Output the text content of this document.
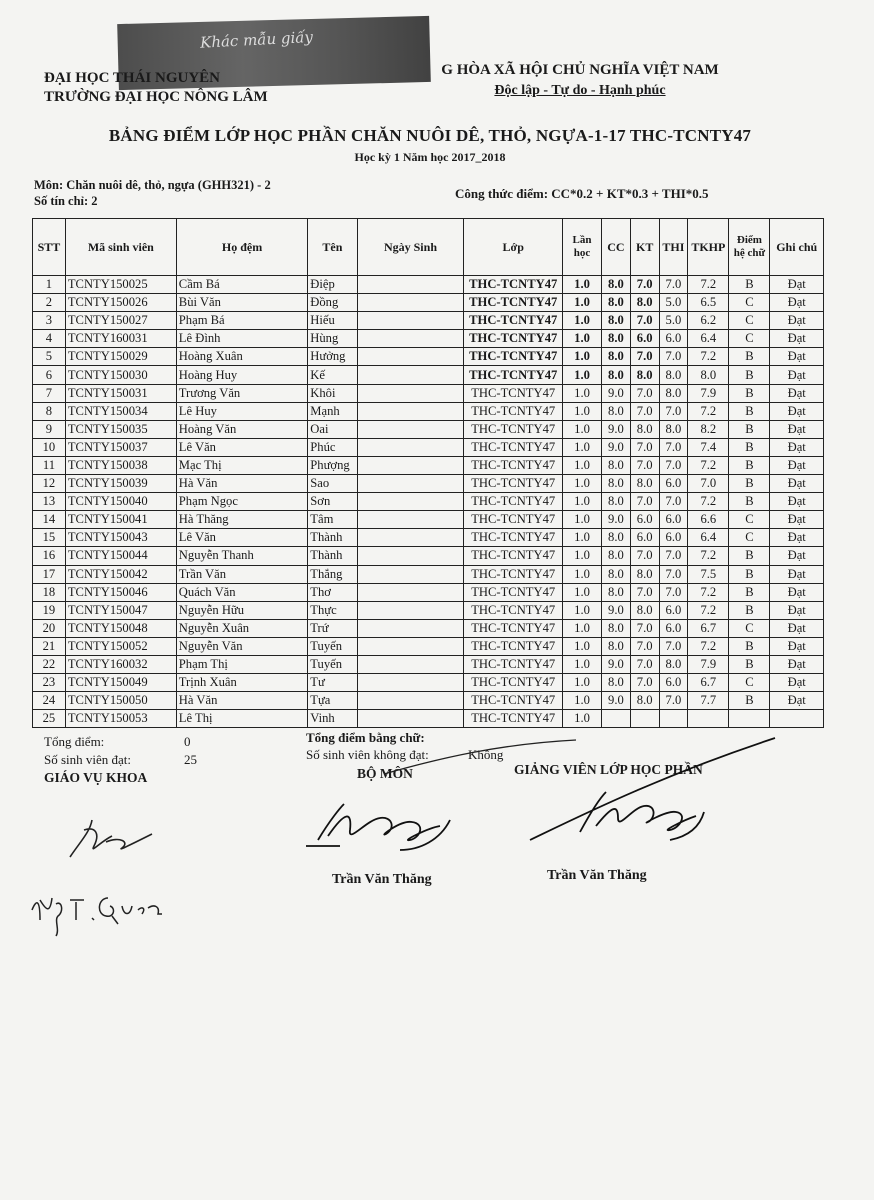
Khác mẫu giấy
ĐẠI HỌC THÁI NGUYÊN
TRƯỜNG ĐẠI HỌC NÔNG LÂM
G HÒA XÃ HỘI CHỦ NGHĨA VIỆT NAM
Độc lập - Tự do - Hạnh phúc
BẢNG ĐIỂM LỚP HỌC PHẦN CHĂN NUÔI DÊ, THỎ, NGỰA-1-17 THC-TCNTY47
Học kỳ 1 Năm học 2017_2018
Môn: Chăn nuôi dê, thỏ, ngựa (GHH321) - 2
Số tín chỉ: 2	Công thức điểm: CC*0.2 + KT*0.3 + THI*0.5
STT	Mã sinh viên	Họ đệm	Tên	Ngày Sinh	Lớp	Lần học	CC	KT	THI	TKHP	Điểm hệ chữ	Ghi chú
1	TCNTY150025	Cầm Bá	Điệp		THC-TCNTY47	1.0	8.0	7.0	7.0	7.2	B	Đạt
2	TCNTY150026	Bùi Văn	Đồng		THC-TCNTY47	1.0	8.0	8.0	5.0	6.5	C	Đạt
3	TCNTY150027	Phạm Bá	Hiếu		THC-TCNTY47	1.0	8.0	7.0	5.0	6.2	C	Đạt
4	TCNTY160031	Lê Đình	Hùng		THC-TCNTY47	1.0	8.0	6.0	6.0	6.4	C	Đạt
5	TCNTY150029	Hoàng Xuân	Hưởng		THC-TCNTY47	1.0	8.0	7.0	7.0	7.2	B	Đạt
6	TCNTY150030	Hoàng Huy	Kế		THC-TCNTY47	1.0	8.0	8.0	8.0	8.0	B	Đạt
7	TCNTY150031	Trương Văn	Khôi		THC-TCNTY47	1.0	9.0	7.0	8.0	7.9	B	Đạt
8	TCNTY150034	Lê Huy	Mạnh		THC-TCNTY47	1.0	8.0	7.0	7.0	7.2	B	Đạt
9	TCNTY150035	Hoàng Văn	Oai		THC-TCNTY47	1.0	9.0	8.0	8.0	8.2	B	Đạt
10	TCNTY150037	Lê Văn	Phúc		THC-TCNTY47	1.0	9.0	7.0	7.0	7.4	B	Đạt
11	TCNTY150038	Mạc Thị	Phượng		THC-TCNTY47	1.0	8.0	7.0	7.0	7.2	B	Đạt
12	TCNTY150039	Hà Văn	Sao		THC-TCNTY47	1.0	8.0	8.0	6.0	7.0	B	Đạt
13	TCNTY150040	Phạm Ngọc	Sơn		THC-TCNTY47	1.0	8.0	7.0	7.0	7.2	B	Đạt
14	TCNTY150041	Hà Thăng	Tâm		THC-TCNTY47	1.0	9.0	6.0	6.0	6.6	C	Đạt
15	TCNTY150043	Lê Văn	Thành		THC-TCNTY47	1.0	8.0	6.0	6.0	6.4	C	Đạt
16	TCNTY150044	Nguyễn Thanh	Thành		THC-TCNTY47	1.0	8.0	7.0	7.0	7.2	B	Đạt
17	TCNTY150042	Trần Văn	Thắng		THC-TCNTY47	1.0	8.0	8.0	7.0	7.5	B	Đạt
18	TCNTY150046	Quách Văn	Thơ		THC-TCNTY47	1.0	8.0	7.0	7.0	7.2	B	Đạt
19	TCNTY150047	Nguyễn Hữu	Thực		THC-TCNTY47	1.0	9.0	8.0	6.0	7.2	B	Đạt
20	TCNTY150048	Nguyễn Xuân	Trứ		THC-TCNTY47	1.0	8.0	7.0	6.0	6.7	C	Đạt
21	TCNTY150052	Nguyễn Văn	Tuyến		THC-TCNTY47	1.0	8.0	7.0	7.0	7.2	B	Đạt
22	TCNTY160032	Phạm Thị	Tuyến		THC-TCNTY47	1.0	9.0	7.0	8.0	7.9	B	Đạt
23	TCNTY150049	Trịnh Xuân	Tư		THC-TCNTY47	1.0	8.0	7.0	6.0	6.7	C	Đạt
24	TCNTY150050	Hà Văn	Tựa		THC-TCNTY47	1.0	9.0	8.0	7.0	7.7	B	Đạt
25	TCNTY150053	Lê Thị	Vinh		THC-TCNTY47	1.0						
Tổng điểm:	0
Số sinh viên đạt:	25
Tổng điểm bằng chữ:
Số sinh viên không đạt:	Không
GIÁO VỤ KHOA	BỘ MÔN	GIẢNG VIÊN LỚP HỌC PHẦN
Trần Văn Thăng	Trần Văn Thăng
